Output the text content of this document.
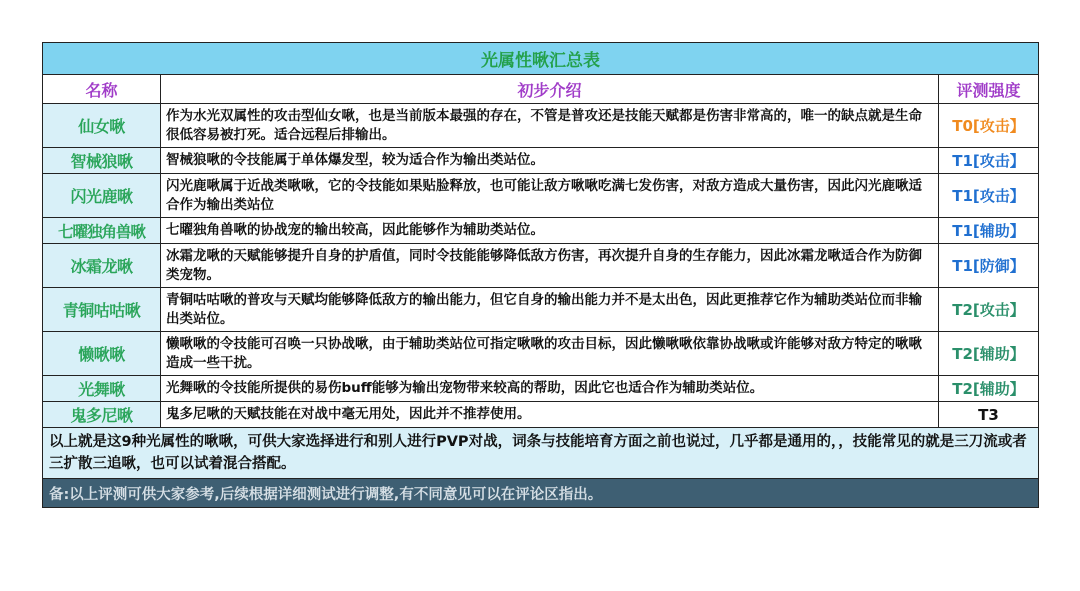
光属性啾汇总表		
名称	初步介绍	评测强度
仙女啾	作为水光双属性的攻击型仙女啾，也是当前版本最强的存在，不管是普攻还是技能天赋都是伤害非常高的，唯一的缺点就是生命很低容易被打死。适合远程后排输出。	T0[攻击】
智械狼啾	智械狼啾的令技能属于单体爆发型，较为适合作为输出类站位。	T1[攻击】
闪光鹿啾	闪光鹿啾属于近战类啾啾，它的令技能如果贴脸释放，也可能让敌方啾啾吃满七发伤害，对敌方造成大量伤害，因此闪光鹿啾适合作为输出类站位	T1[攻击】
七曜独角兽啾	七曜独角兽啾的协战宠的输出较高，因此能够作为辅助类站位。	T1[辅助】
冰霜龙啾	冰霜龙啾的天赋能够提升自身的护盾值，同时令技能能够降低敌方伤害，再次提升自身的生存能力，因此冰霜龙啾适合作为防御类宠物。	T1[防御】
青铜咕咕啾	青铜咕咕啾的普攻与天赋均能够降低敌方的输出能力，但它自身的输出能力并不是太出色，因此更推荐它作为辅助类站位而非输出类站位。	T2[攻击】
懒啾啾	懒啾啾的令技能可召唤一只协战啾，由于辅助类站位可指定啾啾的攻击目标，因此懒啾啾依靠协战啾或许能够对敌方特定的啾啾造成一些干扰。	T2[辅助】
光舞啾	光舞啾的令技能所提供的易伤buff能够为输出宠物带来较高的帮助，因此它也适合作为辅助类站位。	T2[辅助】
鬼多尼啾	鬼多尼啾的天赋技能在对战中毫无用处，因此并不推荐使用。	T3
以上就是这9种光属性的啾啾，可供大家选择进行和别人进行PVP对战，词条与技能培育方面之前也说过，几乎都是通用的，，技能常见的就是三刀流或者三扩散三追啾，也可以试着混合搭配。		
备:以上评测可供大家参考,后续根据详细测试进行调整,有不同意见可以在评论区指出。		
